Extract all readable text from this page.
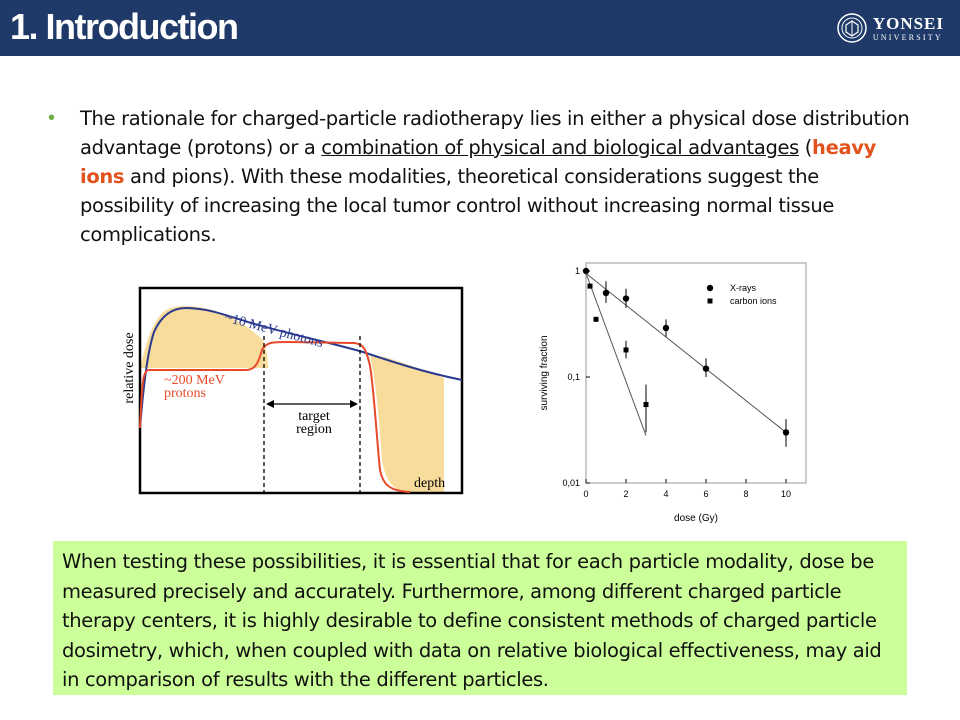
1. Introduction	YONSEI
UNIVERSITY
• The rationale for charged-particle radiotherapy lies in either a physical dose distribution advantage (protons) or a combination of physical and biological advantages (heavy ions and pions). With these modalities, theoretical considerations suggest the possibility of increasing the local tumor control without increasing normal tissue complications.
relative dose
~10 MeV photons
~200 MeV
protons
target
region
depth
surviving fraction
dose (Gy)
0	2	4	6	8	10
1
0,1
0,01
X-rays
carbon ions
When testing these possibilities, it is essential that for each particle modality, dose be measured precisely and accurately. Furthermore, among different charged particle therapy centers, it is highly desirable to define consistent methods of charged particle dosimetry, which, when coupled with data on relative biological effectiveness, may aid in comparison of results with the different particles.
